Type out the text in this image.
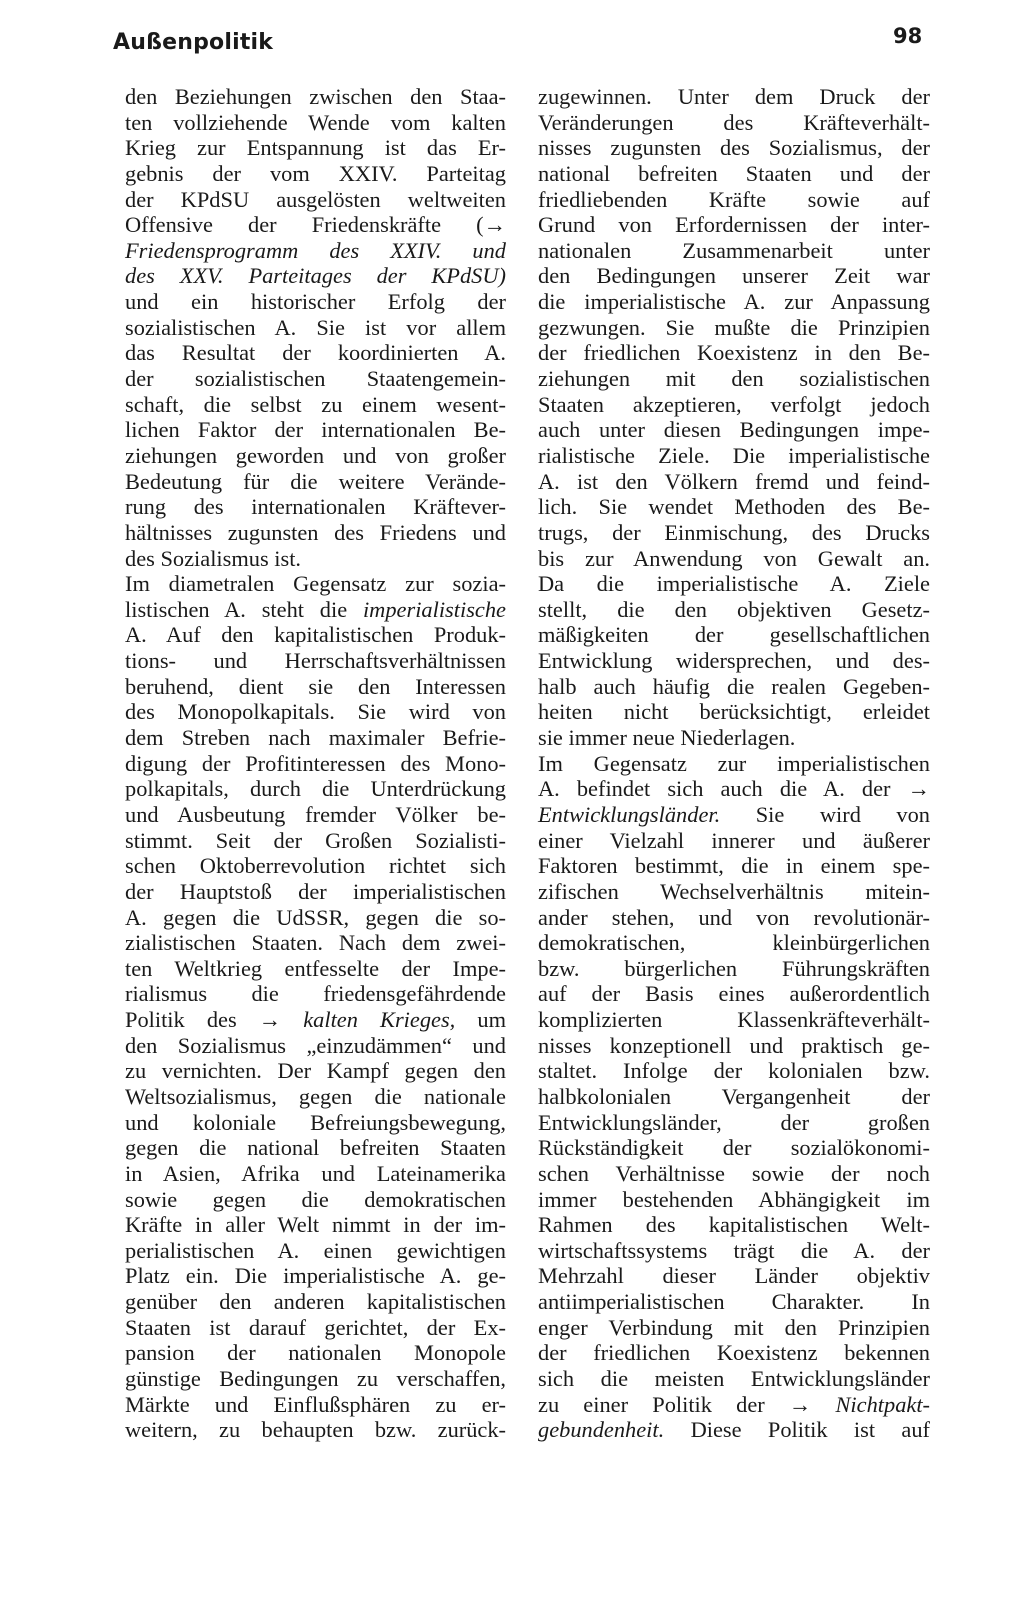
Außenpolitik	98
den Beziehungen zwischen den Staa-
ten vollziehende Wende vom kalten
Krieg zur Entspannung ist das Er-
gebnis der vom XXIV. Parteitag
der KPdSU ausgelösten weltweiten
Offensive der Friedenskräfte (→
Friedensprogramm des XXIV. und
des XXV. Parteitages der KPdSU)
und ein historischer Erfolg der
sozialistischen A. Sie ist vor allem
das Resultat der koordinierten A.
der sozialistischen Staatengemein-
schaft, die selbst zu einem wesent-
lichen Faktor der internationalen Be-
ziehungen geworden und von großer
Bedeutung für die weitere Verände-
rung des internationalen Kräftever-
hältnisses zugunsten des Friedens und
des Sozialismus ist.
Im diametralen Gegensatz zur sozia-
listischen A. steht die imperialistische
A. Auf den kapitalistischen Produk-
tions- und Herrschaftsverhältnissen
beruhend, dient sie den Interessen
des Monopolkapitals. Sie wird von
dem Streben nach maximaler Befrie-
digung der Profitinteressen des Mono-
polkapitals, durch die Unterdrückung
und Ausbeutung fremder Völker be-
stimmt. Seit der Großen Sozialisti-
schen Oktoberrevolution richtet sich
der Hauptstoß der imperialistischen
A. gegen die UdSSR, gegen die so-
zialistischen Staaten. Nach dem zwei-
ten Weltkrieg entfesselte der Impe-
rialismus die friedensgefährdende
Politik des → kalten Krieges, um
den Sozialismus „einzudämmen“ und
zu vernichten. Der Kampf gegen den
Weltsozialismus, gegen die nationale
und koloniale Befreiungsbewegung,
gegen die national befreiten Staaten
in Asien, Afrika und Lateinamerika
sowie gegen die demokratischen
Kräfte in aller Welt nimmt in der im-
perialistischen A. einen gewichtigen
Platz ein. Die imperialistische A. ge-
genüber den anderen kapitalistischen
Staaten ist darauf gerichtet, der Ex-
pansion der nationalen Monopole
günstige Bedingungen zu verschaffen,
Märkte und Einflußsphären zu er-
weitern, zu behaupten bzw. zurück-
zugewinnen. Unter dem Druck der
Veränderungen des Kräfteverhält-
nisses zugunsten des Sozialismus, der
national befreiten Staaten und der
friedliebenden Kräfte sowie auf
Grund von Erfordernissen der inter-
nationalen Zusammenarbeit unter
den Bedingungen unserer Zeit war
die imperialistische A. zur Anpassung
gezwungen. Sie mußte die Prinzipien
der friedlichen Koexistenz in den Be-
ziehungen mit den sozialistischen
Staaten akzeptieren, verfolgt jedoch
auch unter diesen Bedingungen impe-
rialistische Ziele. Die imperialistische
A. ist den Völkern fremd und feind-
lich. Sie wendet Methoden des Be-
trugs, der Einmischung, des Drucks
bis zur Anwendung von Gewalt an.
Da die imperialistische A. Ziele
stellt, die den objektiven Gesetz-
mäßigkeiten der gesellschaftlichen
Entwicklung widersprechen, und des-
halb auch häufig die realen Gegeben-
heiten nicht berücksichtigt, erleidet
sie immer neue Niederlagen.
Im Gegensatz zur imperialistischen
A. befindet sich auch die A. der →
Entwicklungsländer. Sie wird von
einer Vielzahl innerer und äußerer
Faktoren bestimmt, die in einem spe-
zifischen Wechselverhältnis mitein-
ander stehen, und von revolutionär-
demokratischen, kleinbürgerlichen
bzw. bürgerlichen Führungskräften
auf der Basis eines außerordentlich
komplizierten Klassenkräfteverhält-
nisses konzeptionell und praktisch ge-
staltet. Infolge der kolonialen bzw.
halbkolonialen Vergangenheit der
Entwicklungsländer, der großen
Rückständigkeit der sozialökonomi-
schen Verhältnisse sowie der noch
immer bestehenden Abhängigkeit im
Rahmen des kapitalistischen Welt-
wirtschaftssystems trägt die A. der
Mehrzahl dieser Länder objektiv
antiimperialistischen Charakter. In
enger Verbindung mit den Prinzipien
der friedlichen Koexistenz bekennen
sich die meisten Entwicklungsländer
zu einer Politik der → Nichtpakt-
gebundenheit. Diese Politik ist auf
